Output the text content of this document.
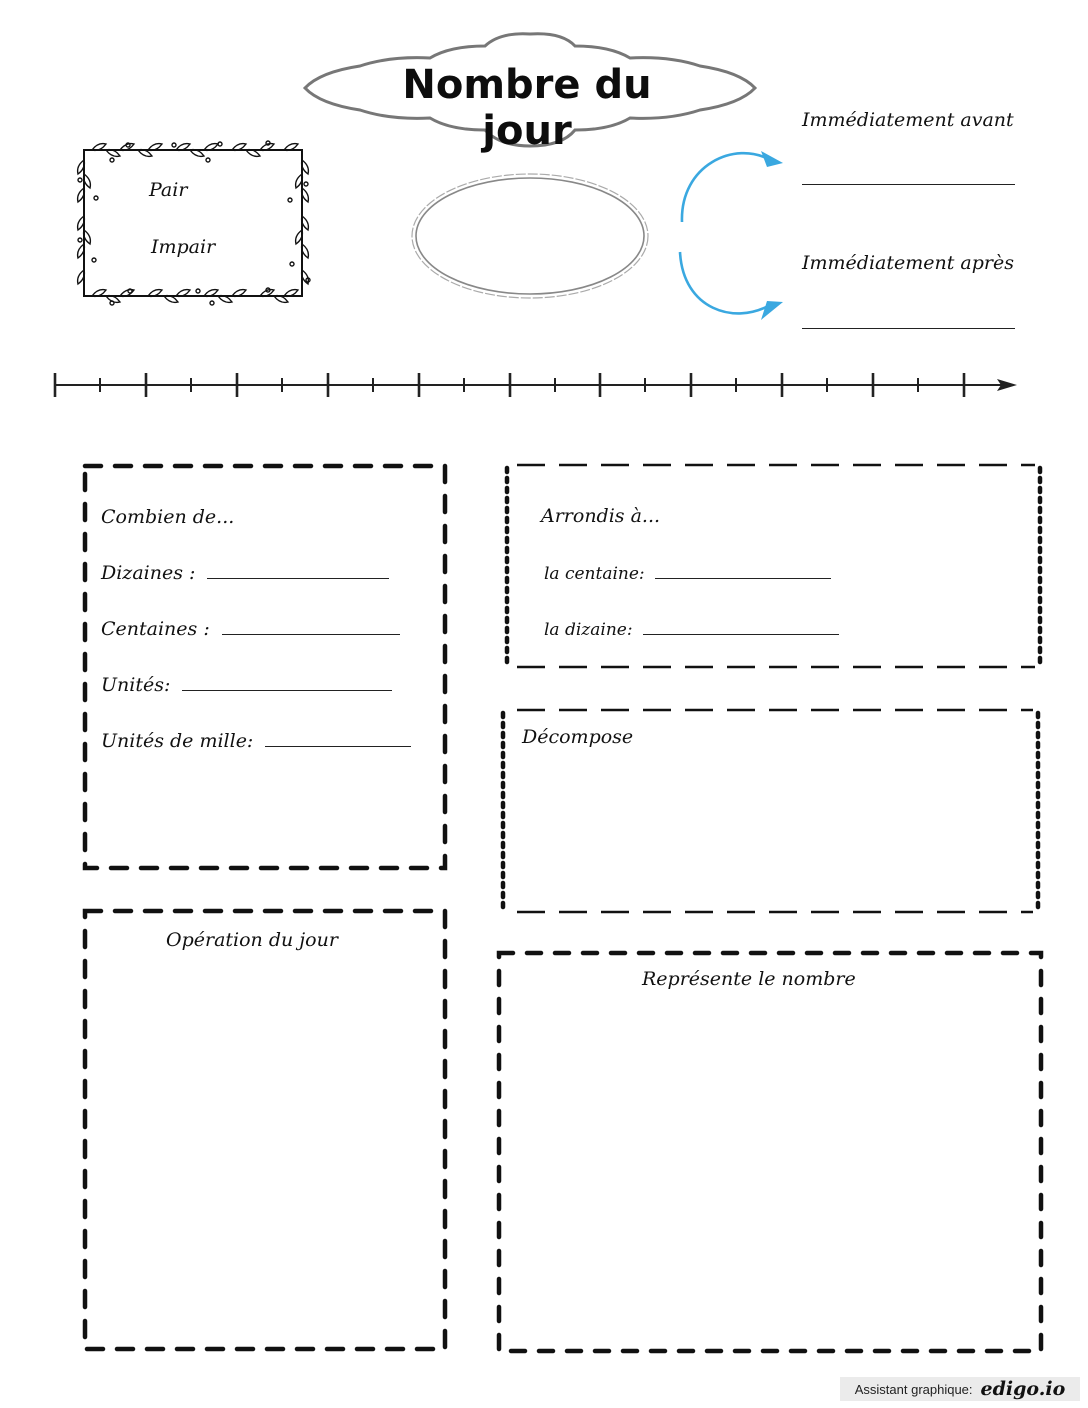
Nombre du jour
Pair
Impair
Immédiatement avant
Immédiatement après
Combien de...
Dizaines :
Centaines :
Unités:
Unités de mille:
Arrondis à...
la centaine:
la dizaine:
Décompose
Opération du jour
Représente le nombre
Assistant graphique: edigo.io
